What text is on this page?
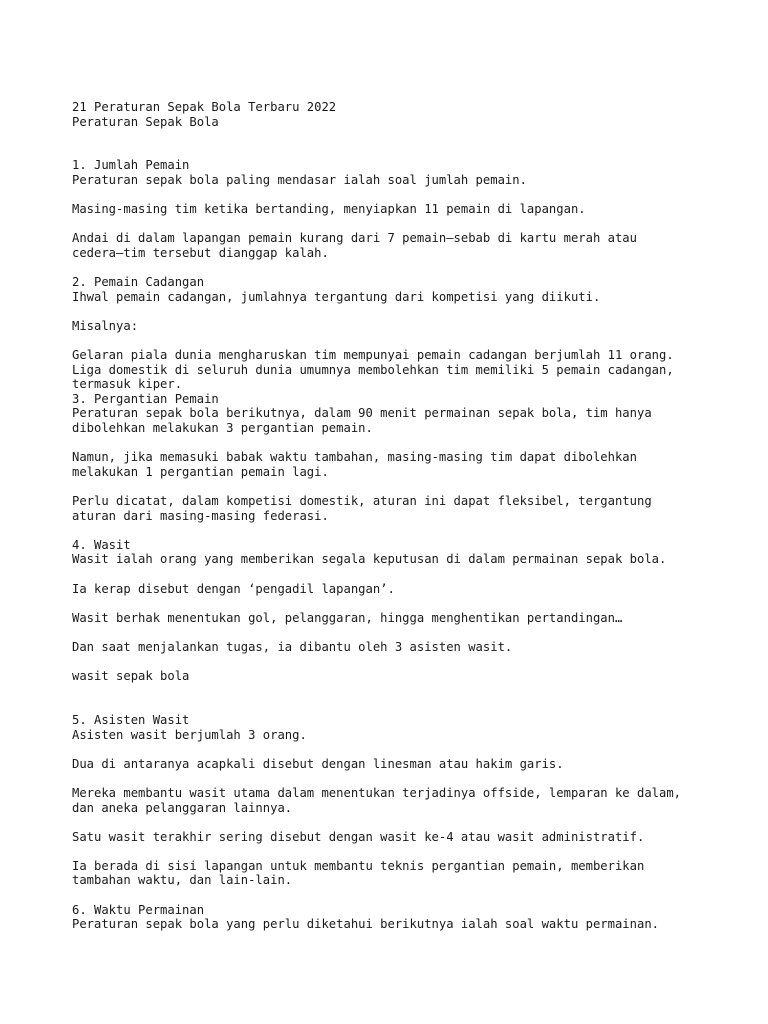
21 Peraturan Sepak Bola Terbaru 2022
Peraturan Sepak Bola
1. Jumlah Pemain
Peraturan sepak bola paling mendasar ialah soal jumlah pemain.
Masing-masing tim ketika bertanding, menyiapkan 11 pemain di lapangan.
Andai di dalam lapangan pemain kurang dari 7 pemain—sebab di kartu merah atau
cedera—tim tersebut dianggap kalah.
2. Pemain Cadangan
Ihwal pemain cadangan, jumlahnya tergantung dari kompetisi yang diikuti.
Misalnya:
Gelaran piala dunia mengharuskan tim mempunyai pemain cadangan berjumlah 11 orang.
Liga domestik di seluruh dunia umumnya membolehkan tim memiliki 5 pemain cadangan,
termasuk kiper.
3. Pergantian Pemain
Peraturan sepak bola berikutnya, dalam 90 menit permainan sepak bola, tim hanya
dibolehkan melakukan 3 pergantian pemain.
Namun, jika memasuki babak waktu tambahan, masing-masing tim dapat dibolehkan
melakukan 1 pergantian pemain lagi.
Perlu dicatat, dalam kompetisi domestik, aturan ini dapat fleksibel, tergantung
aturan dari masing-masing federasi.
4. Wasit
Wasit ialah orang yang memberikan segala keputusan di dalam permainan sepak bola.
Ia kerap disebut dengan ‘pengadil lapangan’.
Wasit berhak menentukan gol, pelanggaran, hingga menghentikan pertandingan…
Dan saat menjalankan tugas, ia dibantu oleh 3 asisten wasit.
wasit sepak bola
5. Asisten Wasit
Asisten wasit berjumlah 3 orang.
Dua di antaranya acapkali disebut dengan linesman atau hakim garis.
Mereka membantu wasit utama dalam menentukan terjadinya offside, lemparan ke dalam,
dan aneka pelanggaran lainnya.
Satu wasit terakhir sering disebut dengan wasit ke-4 atau wasit administratif.
Ia berada di sisi lapangan untuk membantu teknis pergantian pemain, memberikan
tambahan waktu, dan lain-lain.
6. Waktu Permainan
Peraturan sepak bola yang perlu diketahui berikutnya ialah soal waktu permainan.
